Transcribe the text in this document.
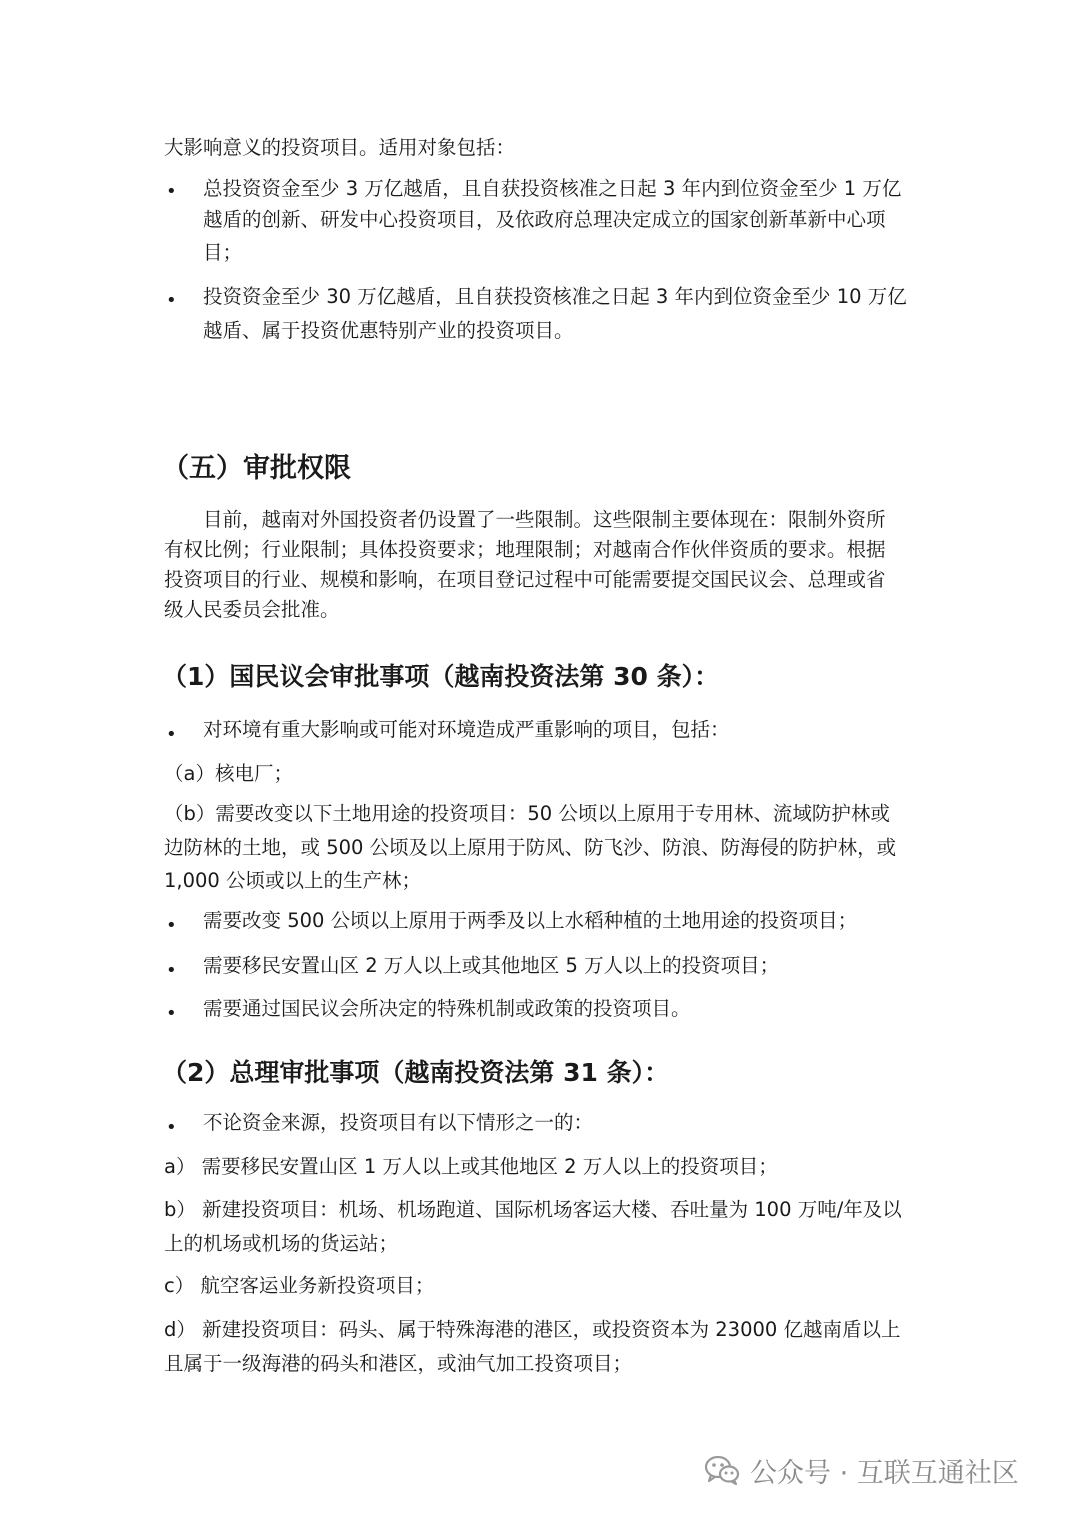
大影响意义的投资项目。适用对象包括：
• 总投资资金至少 3 万亿越盾，且自获投资核准之日起 3 年内到位资金至少 1 万亿
越盾的创新、研发中心投资项目，及依政府总理决定成立的国家创新革新中心项
目；
• 投资资金至少 30 万亿越盾，且自获投资核准之日起 3 年内到位资金至少 10 万亿
越盾、属于投资优惠特别产业的投资项目。
（五）审批权限
目前，越南对外国投资者仍设置了一些限制。这些限制主要体现在：限制外资所
有权比例；行业限制；具体投资要求；地理限制；对越南合作伙伴资质的要求。根据
投资项目的行业、规模和影响，在项目登记过程中可能需要提交国民议会、总理或省
级人民委员会批准。
（1）国民议会审批事项（越南投资法第 30 条）：
• 对环境有重大影响或可能对环境造成严重影响的项目，包括：
（a）核电厂；
（b）需要改变以下土地用途的投资项目：50 公顷以上原用于专用林、流域防护林或
边防林的土地，或 500 公顷及以上原用于防风、防飞沙、防浪、防海侵的防护林，或
1,000 公顷或以上的生产林；
• 需要改变 500 公顷以上原用于两季及以上水稻种植的土地用途的投资项目；
• 需要移民安置山区 2 万人以上或其他地区 5 万人以上的投资项目；
• 需要通过国民议会所决定的特殊机制或政策的投资项目。
（2）总理审批事项（越南投资法第 31 条）：
• 不论资金来源，投资项目有以下情形之一的：
a） 需要移民安置山区 1 万人以上或其他地区 2 万人以上的投资项目；
b） 新建投资项目：机场、机场跑道、国际机场客运大楼、吞吐量为 100 万吨/年及以
上的机场或机场的货运站；
c） 航空客运业务新投资项目；
d） 新建投资项目：码头、属于特殊海港的港区，或投资资本为 23000 亿越南盾以上
且属于一级海港的码头和港区，或油气加工投资项目；
公众号 · 互联互通社区
